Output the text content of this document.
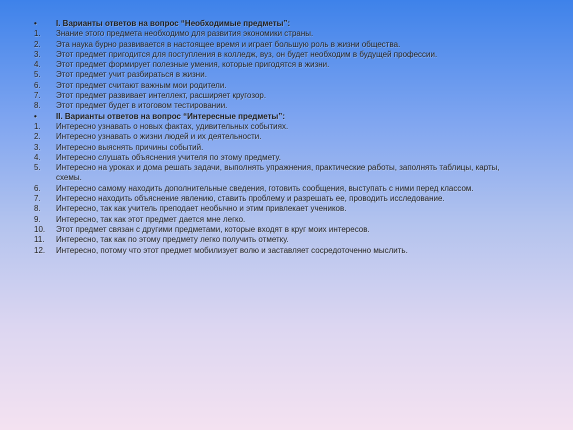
•	I. Варианты ответов на вопрос “Необходимые предметы”:
1.	Знание этого предмета необходимо для развития экономики страны.
2.	Эта наука бурно развивается в настоящее время и играет большую роль в жизни общества.
3.	Этот предмет пригодится для поступления в колледж, вуз, он будет необходим в будущей профессии.
4.	Этот предмет формирует полезные умения, которые пригодятся в жизни.
5.	Этот предмет учит разбираться в жизни.
6.	Этот предмет считают важным мои родители.
7.	Этот предмет развивает интеллект, расширяет кругозор.
8.	Этот предмет будет в итоговом тестировании.
•	II. Варианты ответов на вопрос “Интересные предметы”:
1.	Интересно узнавать о новых фактах, удивительных событиях.
2.	Интересно узнавать о жизни людей и их деятельности.
3.	Интересно выяснять причины событий.
4.	Интересно слушать объяснения учителя по этому предмету.
5.	Интересно на уроках и дома решать задачи, выполнять упражнения, практические работы, заполнять таблицы, карты, схемы.
6.	Интересно самому находить дополнительные сведения, готовить сообщения, выступать с ними перед классом.
7.	Интересно находить объяснение явлению, ставить проблему и разрешать ее, проводить исследование.
8.	Интересно, так как учитель преподает необычно и этим привлекает учеников.
9.	Интересно, так как этот предмет дается мне легко.
10.	Этот предмет связан с другими предметами, которые входят в круг моих интересов.
11.	Интересно, так как по этому предмету легко получить отметку.
12.	Интересно, потому что этот предмет мобилизует волю и заставляет сосредоточенно мыслить.
